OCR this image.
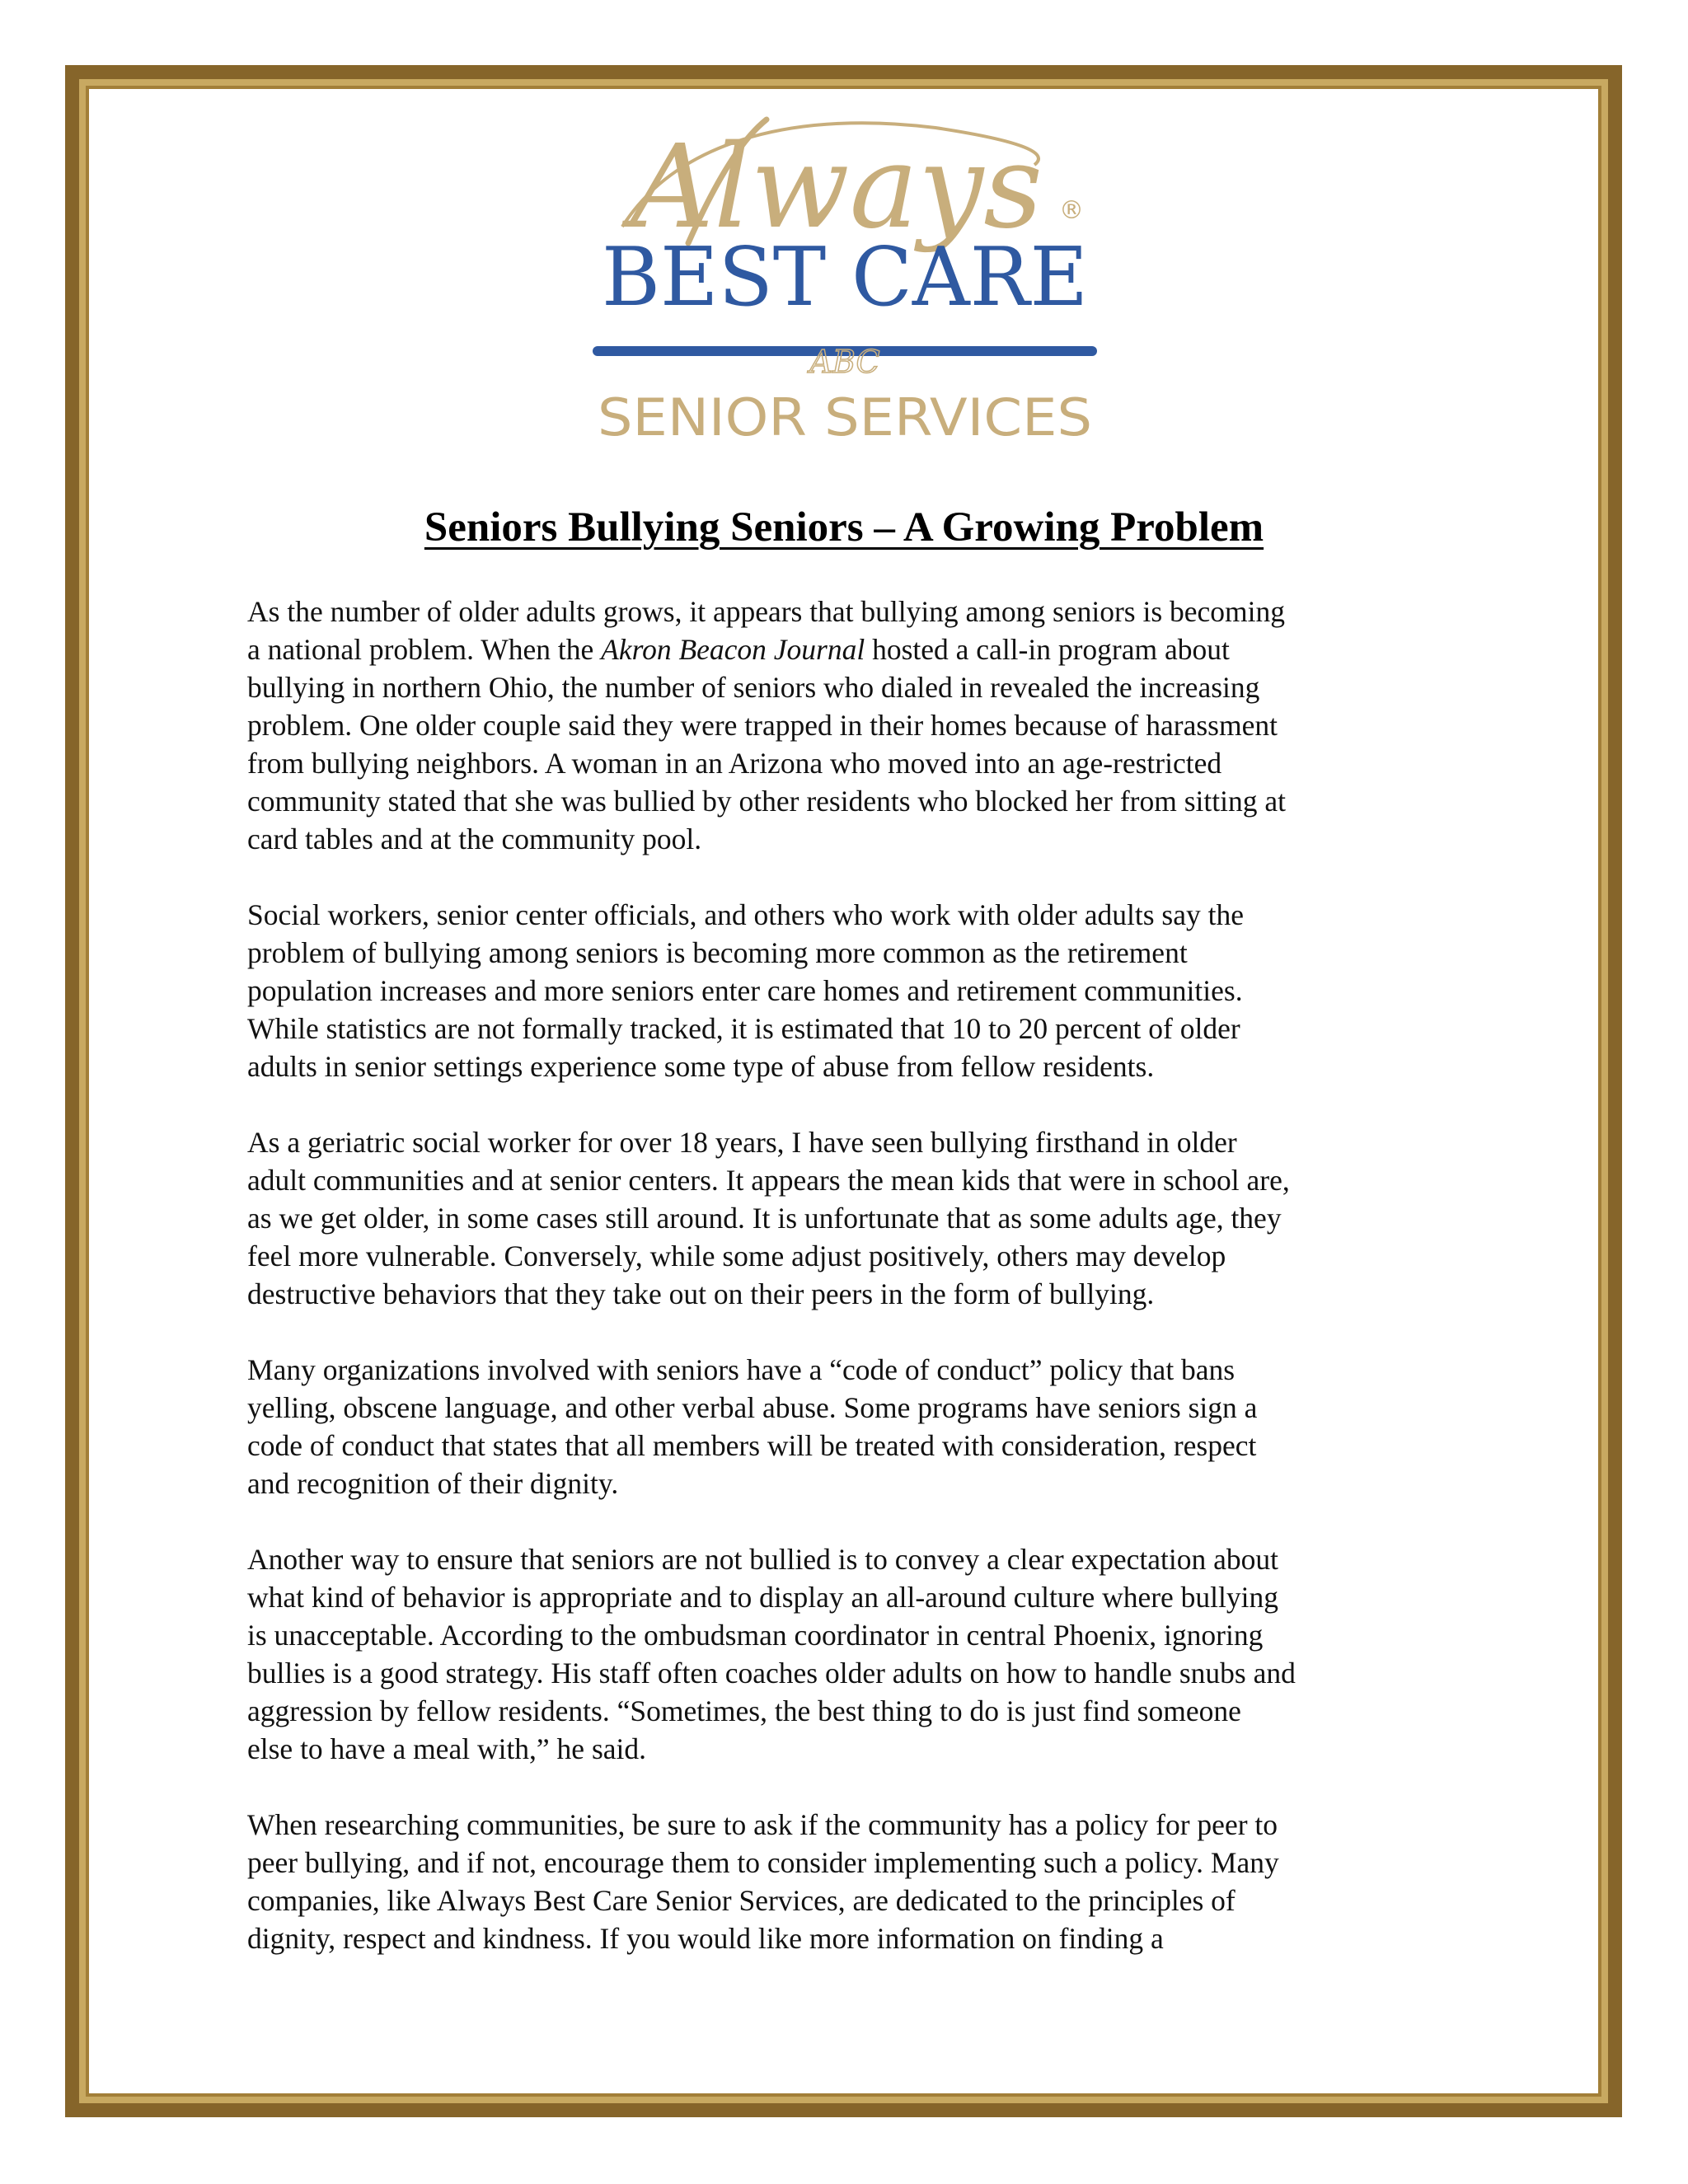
Always ®
BEST CARE
ABC
SENIOR SERVICES
Seniors Bullying Seniors – A Growing Problem
As the number of older adults grows, it appears that bullying among seniors is becoming
a national problem. When the Akron Beacon Journal hosted a call-in program about
bullying in northern Ohio, the number of seniors who dialed in revealed the increasing
problem. One older couple said they were trapped in their homes because of harassment
from bullying neighbors. A woman in an Arizona who moved into an age-restricted
community stated that she was bullied by other residents who blocked her from sitting at
card tables and at the community pool.
Social workers, senior center officials, and others who work with older adults say the
problem of bullying among seniors is becoming more common as the retirement
population increases and more seniors enter care homes and retirement communities.
While statistics are not formally tracked, it is estimated that 10 to 20 percent of older
adults in senior settings experience some type of abuse from fellow residents.
As a geriatric social worker for over 18 years, I have seen bullying firsthand in older
adult communities and at senior centers. It appears the mean kids that were in school are,
as we get older, in some cases still around. It is unfortunate that as some adults age, they
feel more vulnerable. Conversely, while some adjust positively, others may develop
destructive behaviors that they take out on their peers in the form of bullying.
Many organizations involved with seniors have a “code of conduct” policy that bans
yelling, obscene language, and other verbal abuse. Some programs have seniors sign a
code of conduct that states that all members will be treated with consideration, respect
and recognition of their dignity.
Another way to ensure that seniors are not bullied is to convey a clear expectation about
what kind of behavior is appropriate and to display an all-around culture where bullying
is unacceptable. According to the ombudsman coordinator in central Phoenix, ignoring
bullies is a good strategy. His staff often coaches older adults on how to handle snubs and
aggression by fellow residents. “Sometimes, the best thing to do is just find someone
else to have a meal with,” he said.
When researching communities, be sure to ask if the community has a policy for peer to
peer bullying, and if not, encourage them to consider implementing such a policy. Many
companies, like Always Best Care Senior Services, are dedicated to the principles of
dignity, respect and kindness. If you would like more information on finding a
